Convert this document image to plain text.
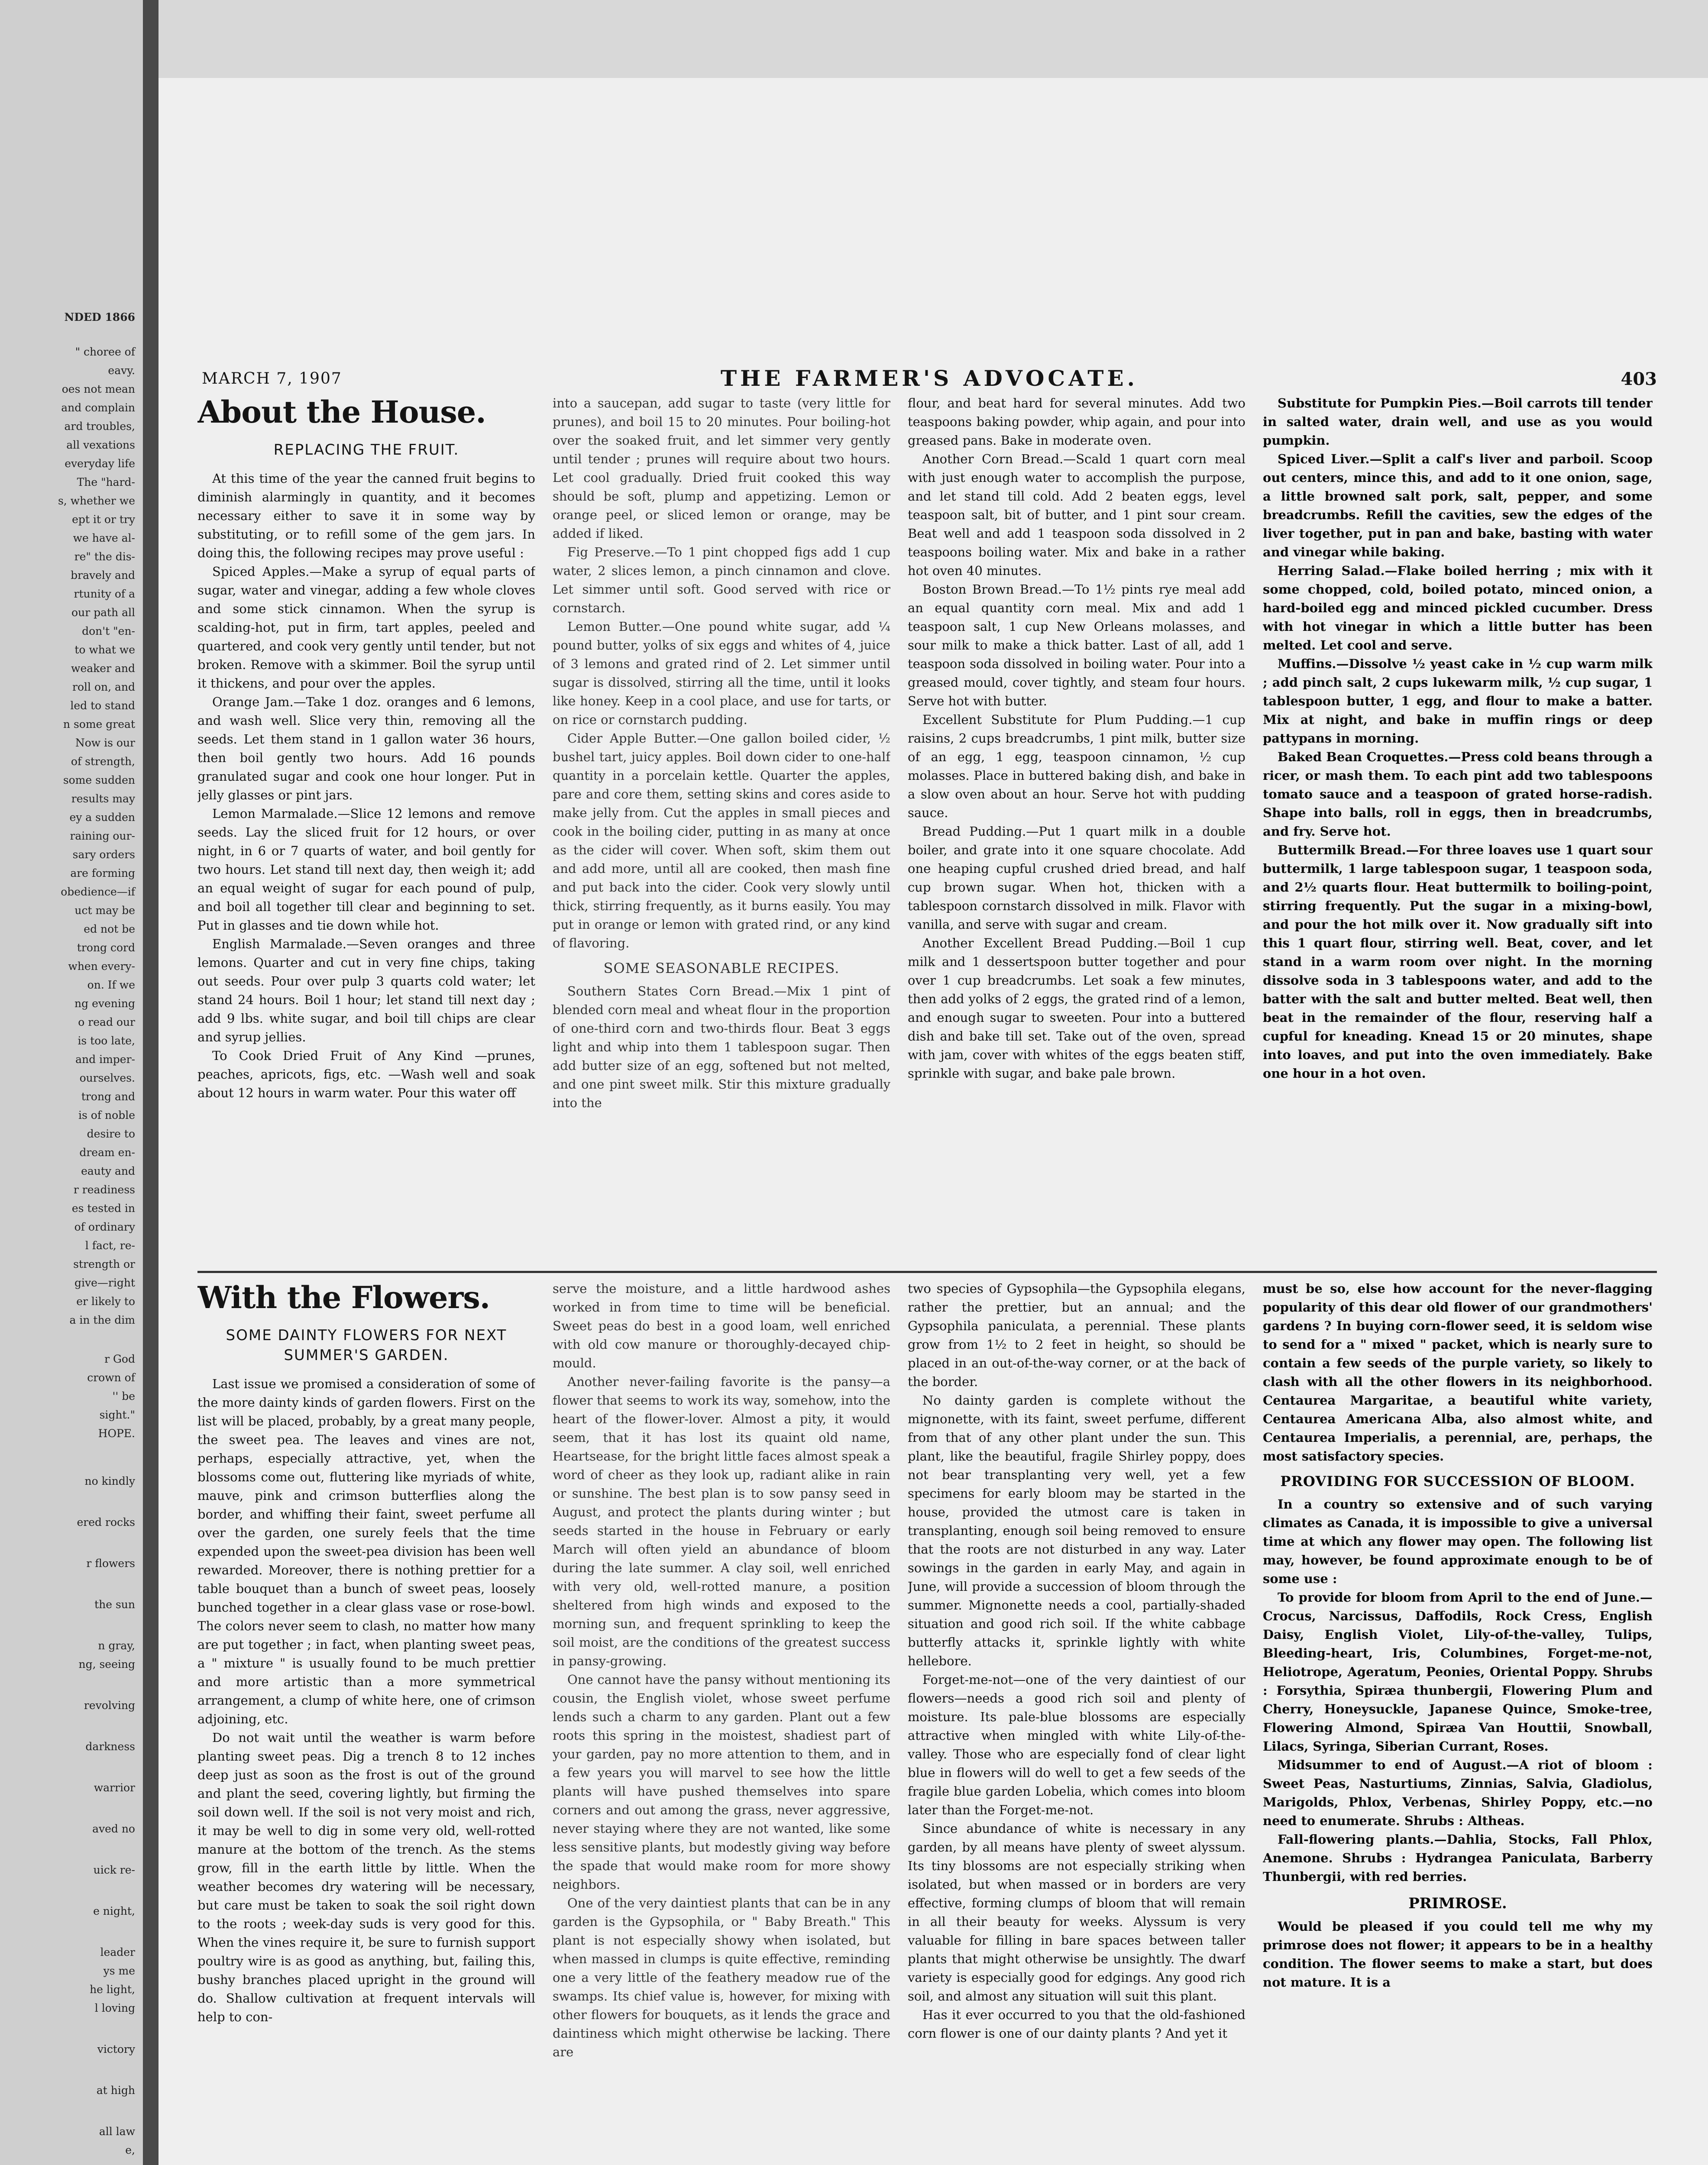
NDED 1866
" choree of
eavy.
oes not mean
and complain
ard troubles,
all vexations
everyday life
The "hard-
s, whether we
ept it or try
we have al-
re" the dis-
bravely and
rtunity of a
our path all
don't "en-
to what we
weaker and
roll on, and
led to stand
n some great
Now is our
of strength,
some sudden
results may
ey a sudden
raining our-
sary orders
are forming
obedience—if
uct may be
ed not be
trong cord
when every-
on. If we
ng evening
o read our
is too late,
and imper-
ourselves.
trong and
is of noble
desire to
dream en-
eauty and
r readiness
es tested in
of ordinary
l fact, re-
strength or
give—right
er likely to
a in the dim
r God
crown of
'' be
sight."
HOPE.
no kindly
ered rocks
r flowers
the sun
n gray,
ng, seeing
revolving
darkness
warrior
aved no
uick re-
e night,
leader
ys me
he light,
l loving
victory
at high
all law
e,
MARCH 7, 1907	THE FARMER'S ADVOCATE.	403
About the House.
REPLACING THE FRUIT.

At this time of the year the canned fruit begins to diminish alarmingly in quantity, and it becomes necessary either to save it in some way by substituting, or to refill some of the gem jars. In doing this, the following recipes may prove useful :

Spiced Apples.—Make a syrup of equal parts of sugar, water and vinegar, adding a few whole cloves and some stick cinnamon. When the syrup is scalding-hot, put in firm, tart apples, peeled and quartered, and cook very gently until tender, but not broken. Remove with a skimmer. Boil the syrup until it thickens, and pour over the apples.

Orange Jam.—Take 1 doz. oranges and 6 lemons, and wash well. Slice very thin, removing all the seeds. Let them stand in 1 gallon water 36 hours, then boil gently two hours. Add 16 pounds granulated sugar and cook one hour longer. Put in jelly glasses or pint jars.

Lemon Marmalade.—Slice 12 lemons and remove seeds. Lay the sliced fruit for 12 hours, or over night, in 6 or 7 quarts of water, and boil gently for two hours. Let stand till next day, then weigh it; add an equal weight of sugar for each pound of pulp, and boil all together till clear and beginning to set. Put in glasses and tie down while hot.

English Marmalade.—Seven oranges and three lemons. Quarter and cut in very fine chips, taking out seeds. Pour over pulp 3 quarts cold water; let stand 24 hours. Boil 1 hour; let stand till next day ; add 9 lbs. white sugar, and boil till chips are clear and syrup jellies.

To Cook Dried Fruit of Any Kind —prunes, peaches, apricots, figs, etc. —Wash well and soak about 12 hours in warm water. Pour this water off

into a saucepan, add sugar to taste (very little for prunes), and boil 15 to 20 minutes. Pour boiling-hot over the soaked fruit, and let simmer very gently until tender ; prunes will require about two hours. Let cool gradually. Dried fruit cooked this way should be soft, plump and appetizing. Lemon or orange peel, or sliced lemon or orange, may be added if liked.

Fig Preserve.—To 1 pint chopped figs add 1 cup water, 2 slices lemon, a pinch cinnamon and clove. Let simmer until soft. Good served with rice or cornstarch.

Lemon Butter.—One pound white sugar, add ¼ pound butter, yolks of six eggs and whites of 4, juice of 3 lemons and grated rind of 2. Let simmer until sugar is dissolved, stirring all the time, until it looks like honey. Keep in a cool place, and use for tarts, or on rice or cornstarch pudding.

Cider Apple Butter.—One gallon boiled cider, ½ bushel tart, juicy apples. Boil down cider to one-half quantity in a porcelain kettle. Quarter the apples, pare and core them, setting skins and cores aside to make jelly from. Cut the apples in small pieces and cook in the boiling cider, putting in as many at once as the cider will cover. When soft, skim them out and add more, until all are cooked, then mash fine and put back into the cider. Cook very slowly until thick, stirring frequently, as it burns easily. You may put in orange or lemon with grated rind, or any kind of flavoring.

SOME SEASONABLE RECIPES.

Southern States Corn Bread.—Mix 1 pint of blended corn meal and wheat flour in the proportion of one-third corn and two-thirds flour. Beat 3 eggs light and whip into them 1 tablespoon sugar. Then add butter size of an egg, softened but not melted, and one pint sweet milk. Stir this mixture gradually into the

flour, and beat hard for several minutes. Add two teaspoons baking powder, whip again, and pour into greased pans. Bake in moderate oven.

Another Corn Bread.—Scald 1 quart corn meal with just enough water to accomplish the purpose, and let stand till cold. Add 2 beaten eggs, level teaspoon salt, bit of butter, and 1 pint sour cream. Beat well and add 1 teaspoon soda dissolved in 2 teaspoons boiling water. Mix and bake in a rather hot oven 40 minutes.

Boston Brown Bread.—To 1½ pints rye meal add an equal quantity corn meal. Mix and add 1 teaspoon salt, 1 cup New Orleans molasses, and sour milk to make a thick batter. Last of all, add 1 teaspoon soda dissolved in boiling water. Pour into a greased mould, cover tightly, and steam four hours. Serve hot with butter.

Excellent Substitute for Plum Pudding.—1 cup raisins, 2 cups breadcrumbs, 1 pint milk, butter size of an egg, 1 egg, teaspoon cinnamon, ½ cup molasses. Place in buttered baking dish, and bake in a slow oven about an hour. Serve hot with pudding sauce.

Bread Pudding.—Put 1 quart milk in a double boiler, and grate into it one square chocolate. Add one heaping cupful crushed dried bread, and half cup brown sugar. When hot, thicken with a tablespoon cornstarch dissolved in milk. Flavor with vanilla, and serve with sugar and cream.

Another Excellent Bread Pudding.—Boil 1 cup milk and 1 dessertspoon butter together and pour over 1 cup breadcrumbs. Let soak a few minutes, then add yolks of 2 eggs, the grated rind of a lemon, and enough sugar to sweeten. Pour into a buttered dish and bake till set. Take out of the oven, spread with jam, cover with whites of the eggs beaten stiff, sprinkle with sugar, and bake pale brown.

Substitute for Pumpkin Pies.—Boil carrots till tender in salted water, drain well, and use as you would pumpkin.

Spiced Liver.—Split a calf's liver and parboil. Scoop out centers, mince this, and add to it one onion, sage, a little browned salt pork, salt, pepper, and some breadcrumbs. Refill the cavities, sew the edges of the liver together, put in pan and bake, basting with water and vinegar while baking.

Herring Salad.—Flake boiled herring ; mix with it some chopped, cold, boiled potato, minced onion, a hard-boiled egg and minced pickled cucumber. Dress with hot vinegar in which a little butter has been melted. Let cool and serve.

Muffins.—Dissolve ½ yeast cake in ½ cup warm milk ; add pinch salt, 2 cups lukewarm milk, ½ cup sugar, 1 tablespoon butter, 1 egg, and flour to make a batter. Mix at night, and bake in muffin rings or deep pattypans in morning.

Baked Bean Croquettes.—Press cold beans through a ricer, or mash them. To each pint add two tablespoons tomato sauce and a teaspoon of grated horse-radish. Shape into balls, roll in eggs, then in breadcrumbs, and fry. Serve hot.

Buttermilk Bread.—For three loaves use 1 quart sour buttermilk, 1 large tablespoon sugar, 1 teaspoon soda, and 2½ quarts flour. Heat buttermilk to boiling-point, stirring frequently. Put the sugar in a mixing-bowl, and pour the hot milk over it. Now gradually sift into this 1 quart flour, stirring well. Beat, cover, and let stand in a warm room over night. In the morning dissolve soda in 3 tablespoons water, and add to the batter with the salt and butter melted. Beat well, then beat in the remainder of the flour, reserving half a cupful for kneading. Knead 15 or 20 minutes, shape into loaves, and put into the oven immediately. Bake one hour in a hot oven.

With the Flowers.
SOME DAINTY FLOWERS FOR NEXT SUMMER'S GARDEN.

Last issue we promised a consideration of some of the more dainty kinds of garden flowers. First on the list will be placed, probably, by a great many people, the sweet pea. The leaves and vines are not, perhaps, especially attractive, yet, when the blossoms come out, fluttering like myriads of white, mauve, pink and crimson butterflies along the border, and whiffing their faint, sweet perfume all over the garden, one surely feels that the time expended upon the sweet-pea division has been well rewarded. Moreover, there is nothing prettier for a table bouquet than a bunch of sweet peas, loosely bunched together in a clear glass vase or rose-bowl. The colors never seem to clash, no matter how many are put together ; in fact, when planting sweet peas, a " mixture " is usually found to be much prettier and more artistic than a more symmetrical arrangement, a clump of white here, one of crimson adjoining, etc.

Do not wait until the weather is warm before planting sweet peas. Dig a trench 8 to 12 inches deep just as soon as the frost is out of the ground and plant the seed, covering lightly, but firming the soil down well. If the soil is not very moist and rich, it may be well to dig in some very old, well-rotted manure at the bottom of the trench. As the stems grow, fill in the earth little by little. When the weather becomes dry watering will be necessary, but care must be taken to soak the soil right down to the roots ; week-day suds is very good for this. When the vines require it, be sure to furnish support poultry wire is as good as anything, but, failing this, bushy branches placed upright in the ground will do. Shallow cultivation at frequent intervals will help to con-

serve the moisture, and a little hardwood ashes worked in from time to time will be beneficial. Sweet peas do best in a good loam, well enriched with old cow manure or thoroughly-decayed chip-mould.

Another never-failing favorite is the pansy—a flower that seems to work its way, somehow, into the heart of the flower-lover. Almost a pity, it would seem, that it has lost its quaint old name, Heartsease, for the bright little faces almost speak a word of cheer as they look up, radiant alike in rain or sunshine. The best plan is to sow pansy seed in August, and protect the plants during winter ; but seeds started in the house in February or early March will often yield an abundance of bloom during the late summer. A clay soil, well enriched with very old, well-rotted manure, a position sheltered from high winds and exposed to the morning sun, and frequent sprinkling to keep the soil moist, are the conditions of the greatest success in pansy-growing.

One cannot have the pansy without mentioning its cousin, the English violet, whose sweet perfume lends such a charm to any garden. Plant out a few roots this spring in the moistest, shadiest part of your garden, pay no more attention to them, and in a few years you will marvel to see how the little plants will have pushed themselves into spare corners and out among the grass, never aggressive, never staying where they are not wanted, like some less sensitive plants, but modestly giving way before the spade that would make room for more showy neighbors.

One of the very daintiest plants that can be in any garden is the Gypsophila, or " Baby Breath." This plant is not especially showy when isolated, but when massed in clumps is quite effective, reminding one a very little of the feathery meadow rue of the swamps. Its chief value is, however, for mixing with other flowers for bouquets, as it lends the grace and daintiness which might otherwise be lacking. There are

two species of Gypsophila—the Gypsophila elegans, rather the prettier, but an annual; and the Gypsophila paniculata, a perennial. These plants grow from 1½ to 2 feet in height, so should be placed in an out-of-the-way corner, or at the back of the border.

No dainty garden is complete without the mignonette, with its faint, sweet perfume, different from that of any other plant under the sun. This plant, like the beautiful, fragile Shirley poppy, does not bear transplanting very well, yet a few specimens for early bloom may be started in the house, provided the utmost care is taken in transplanting, enough soil being removed to ensure that the roots are not disturbed in any way. Later sowings in the garden in early May, and again in June, will provide a succession of bloom through the summer. Mignonette needs a cool, partially-shaded situation and good rich soil. If the white cabbage butterfly attacks it, sprinkle lightly with white hellebore.

Forget-me-not—one of the very daintiest of our flowers—needs a good rich soil and plenty of moisture. Its pale-blue blossoms are especially attractive when mingled with white Lily-of-the-valley. Those who are especially fond of clear light blue in flowers will do well to get a few seeds of the fragile blue garden Lobelia, which comes into bloom later than the Forget-me-not.

Since abundance of white is necessary in any garden, by all means have plenty of sweet alyssum. Its tiny blossoms are not especially striking when isolated, but when massed or in borders are very effective, forming clumps of bloom that will remain in all their beauty for weeks. Alyssum is very valuable for filling in bare spaces between taller plants that might otherwise be unsightly. The dwarf variety is especially good for edgings. Any good rich soil, and almost any situation will suit this plant.

Has it ever occurred to you that the old-fashioned corn flower is one of our dainty plants ? And yet it

must be so, else how account for the never-flagging popularity of this dear old flower of our grandmothers' gardens ? In buying corn-flower seed, it is seldom wise to send for a " mixed " packet, which is nearly sure to contain a few seeds of the purple variety, so likely to clash with all the other flowers in its neighborhood. Centaurea Margaritae, a beautiful white variety, Centaurea Americana Alba, also almost white, and Centaurea Imperialis, a perennial, are, perhaps, the most satisfactory species.

PROVIDING FOR SUCCESSION OF BLOOM.

In a country so extensive and of such varying climates as Canada, it is impossible to give a universal time at which any flower may open. The following list may, however, be found approximate enough to be of some use :

To provide for bloom from April to the end of June.—Crocus, Narcissus, Daffodils, Rock Cress, English Daisy, English Violet, Lily-of-the-valley, Tulips, Bleeding-heart, Iris, Columbines, Forget-me-not, Heliotrope, Ageratum, Peonies, Oriental Poppy. Shrubs : Forsythia, Spiræa thunbergii, Flowering Plum and Cherry, Honeysuckle, Japanese Quince, Smoke-tree, Flowering Almond, Spiræa Van Houttii, Snowball, Lilacs, Syringa, Siberian Currant, Roses.

Midsummer to end of August.—A riot of bloom : Sweet Peas, Nasturtiums, Zinnias, Salvia, Gladiolus, Marigolds, Phlox, Verbenas, Shirley Poppy, etc.—no need to enumerate. Shrubs : Altheas.

Fall-flowering plants.—Dahlia, Stocks, Fall Phlox, Anemone. Shrubs : Hydrangea Paniculata, Barberry Thunbergii, with red berries.

PRIMROSE.

Would be pleased if you could tell me why my primrose does not flower; it appears to be in a healthy condition. The flower seems to make a start, but does not mature. It is a
